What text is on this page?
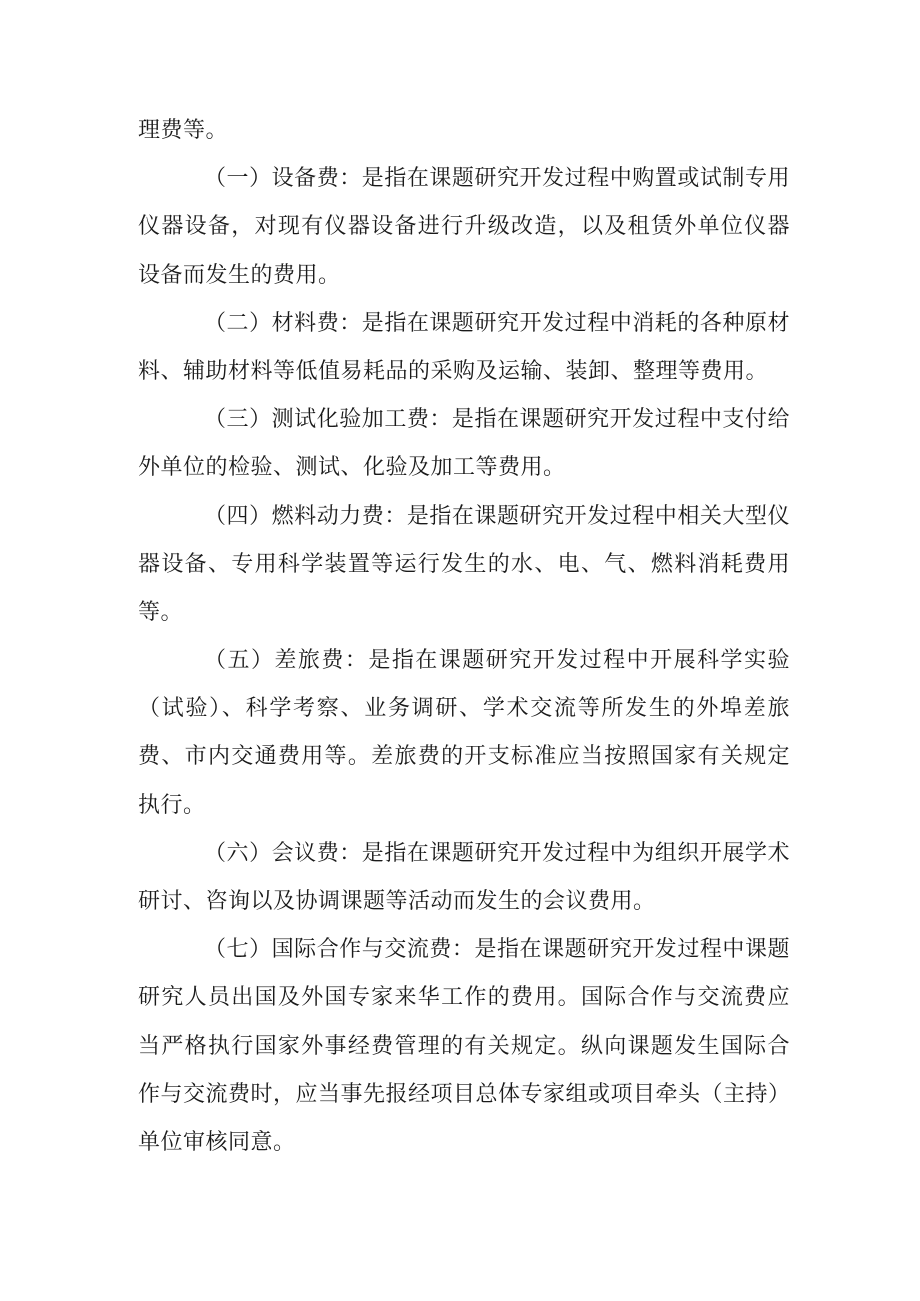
理费等。
（一）设备费：是指在课题研究开发过程中购置或试制专用
仪器设备，对现有仪器设备进行升级改造，以及租赁外单位仪器
设备而发生的费用。
（二）材料费：是指在课题研究开发过程中消耗的各种原材
料、辅助材料等低值易耗品的采购及运输、装卸、整理等费用。
（三）测试化验加工费：是指在课题研究开发过程中支付给
外单位的检验、测试、化验及加工等费用。
（四）燃料动力费：是指在课题研究开发过程中相关大型仪
器设备、专用科学装置等运行发生的水、电、气、燃料消耗费用
等。
（五）差旅费：是指在课题研究开发过程中开展科学实验
（试验）、科学考察、业务调研、学术交流等所发生的外埠差旅
费、市内交通费用等。差旅费的开支标准应当按照国家有关规定
执行。
（六）会议费：是指在课题研究开发过程中为组织开展学术
研讨、咨询以及协调课题等活动而发生的会议费用。
（七）国际合作与交流费：是指在课题研究开发过程中课题
研究人员出国及外国专家来华工作的费用。国际合作与交流费应
当严格执行国家外事经费管理的有关规定。纵向课题发生国际合
作与交流费时，应当事先报经项目总体专家组或项目牵头（主持）
单位审核同意。
